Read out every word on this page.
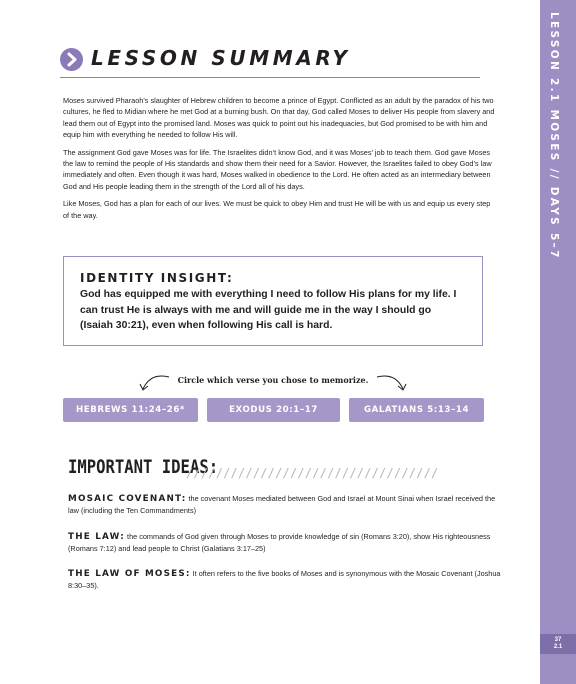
LESSON 2.1 MOSES // DAYS 5–7
37
2.1
LESSON SUMMARY

Moses survived Pharaoh’s slaughter of Hebrew children to become a prince of Egypt. Conflicted as an adult by the paradox of his two cultures, he fled to Midian where he met God at a burning bush. On that day, God called Moses to deliver His people from slavery and lead them out of Egypt into the promised land. Moses was quick to point out his inadequacies, but God promised to be with him and equip him with everything he needed to follow His will.

The assignment God gave Moses was for life. The Israelites didn’t know God, and it was Moses’ job to teach them. God gave Moses the law to remind the people of His standards and show them their need for a Savior. However, the Israelites failed to obey God’s law immediately and often. Even though it was hard, Moses walked in obedience to the Lord. He often acted as an intermediary between God and His people leading them in the strength of the Lord all of his days.

Like Moses, God has a plan for each of our lives. We must be quick to obey Him and trust He will be with us and equip us every step of the way.

IDENTITY INSIGHT:
God has equipped me with everything I need to follow His plans for my life. I can trust He is always with me and will guide me in the way I should go (Isaiah 30:21), even when following His call is hard.
Circle which verse you chose to memorize.
HEBREWS 11:24–26*	EXODUS 20:1–17	GALATIANS 5:13–14
IMPORTANT IDEAS:
//////////////////////////////////
MOSAIC COVENANT: the covenant Moses mediated between God and Israel at Mount Sinai when Israel received the law (including the Ten Commandments)
THE LAW: the commands of God given through Moses to provide knowledge of sin (Romans 3:20), show His righteousness (Romans 7:12) and lead people to Christ (Galatians 3:17–25)
THE LAW OF MOSES: It often refers to the five books of Moses and is synonymous with the Mosaic Covenant (Joshua 8:30–35).
